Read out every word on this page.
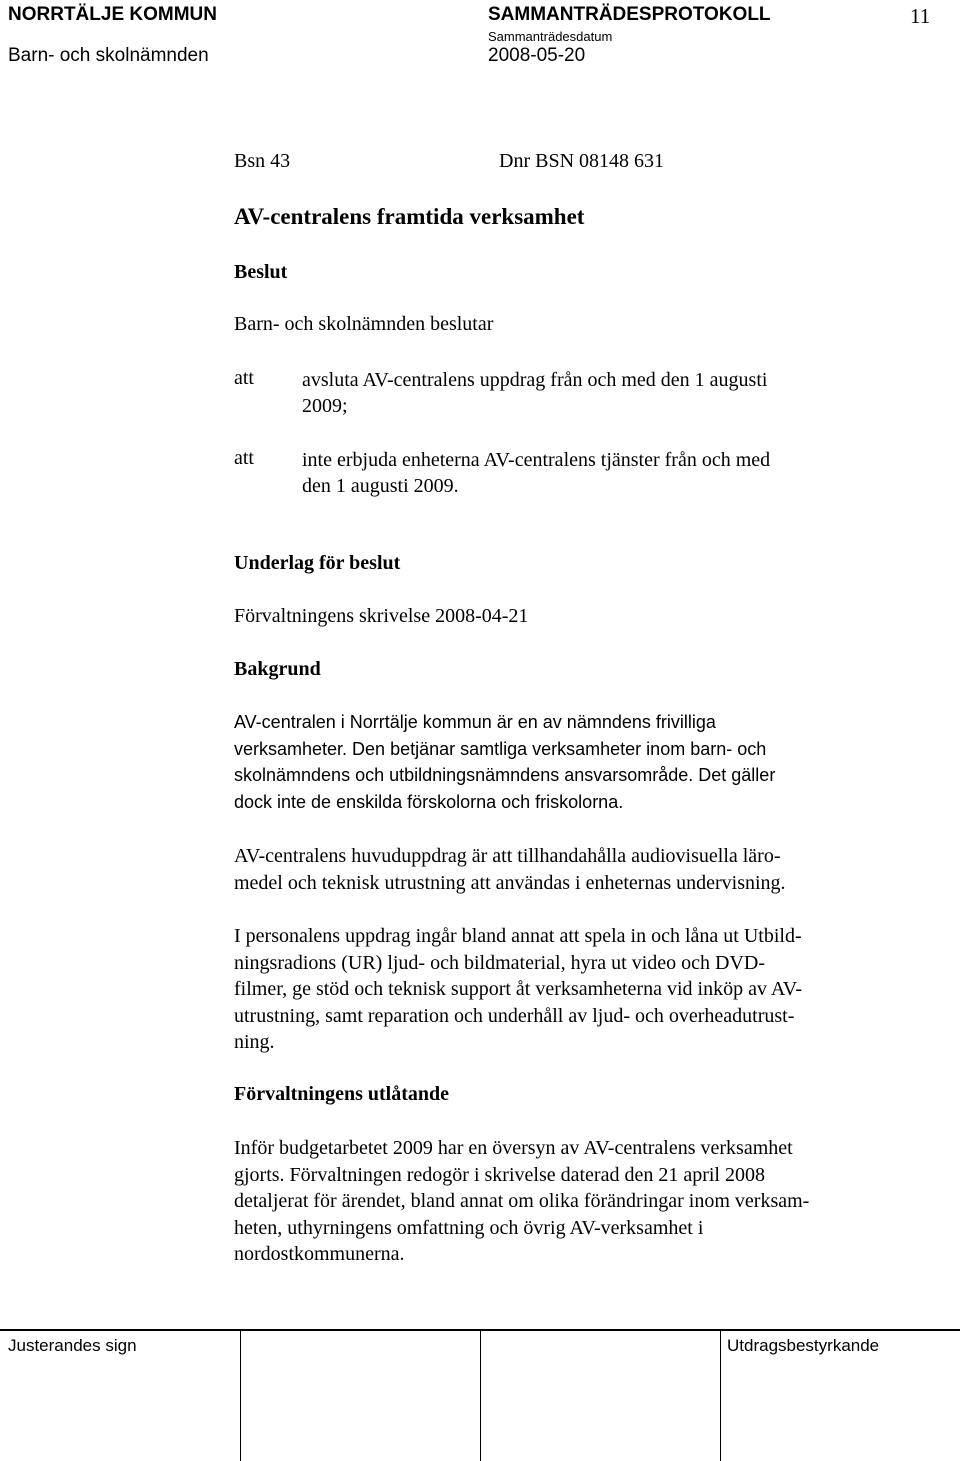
NORRTÄLJE KOMMUN	SAMMANTRÄDESPROTOKOLL	11
Barn- och skolnämnden
Sammanträdesdatum
2008-05-20
Bsn 43	Dnr BSN 08148 631
AV-centralens framtida verksamhet
Beslut
Barn- och skolnämnden beslutar
att avsluta AV-centralens uppdrag från och med den 1 augusti
2009;
att inte erbjuda enheterna AV-centralens tjänster från och med
den 1 augusti 2009.
Underlag för beslut
Förvaltningens skrivelse 2008-04-21
Bakgrund
AV-centralen i Norrtälje kommun är en av nämndens frivilliga
verksamheter. Den betjänar samtliga verksamheter inom barn- och
skolnämndens och utbildningsnämndens ansvarsområde. Det gäller
dock inte de enskilda förskolorna och friskolorna.
AV-centralens huvuduppdrag är att tillhandahålla audiovisuella läro-
medel och teknisk utrustning att användas i enheternas undervisning.
I personalens uppdrag ingår bland annat att spela in och låna ut Utbild-
ningsradions (UR) ljud- och bildmaterial, hyra ut video och DVD-
filmer, ge stöd och teknisk support åt verksamheterna vid inköp av AV-
utrustning, samt reparation och underhåll av ljud- och overheadutrust-
ning.
Förvaltningens utlåtande
Inför budgetarbetet 2009 har en översyn av AV-centralens verksamhet
gjorts. Förvaltningen redogör i skrivelse daterad den 21 april 2008
detaljerat för ärendet, bland annat om olika förändringar inom verksam-
heten, uthyrningens omfattning och övrig AV-verksamhet i
nordostkommunerna.
Justerandes sign	Utdragsbestyrkande
